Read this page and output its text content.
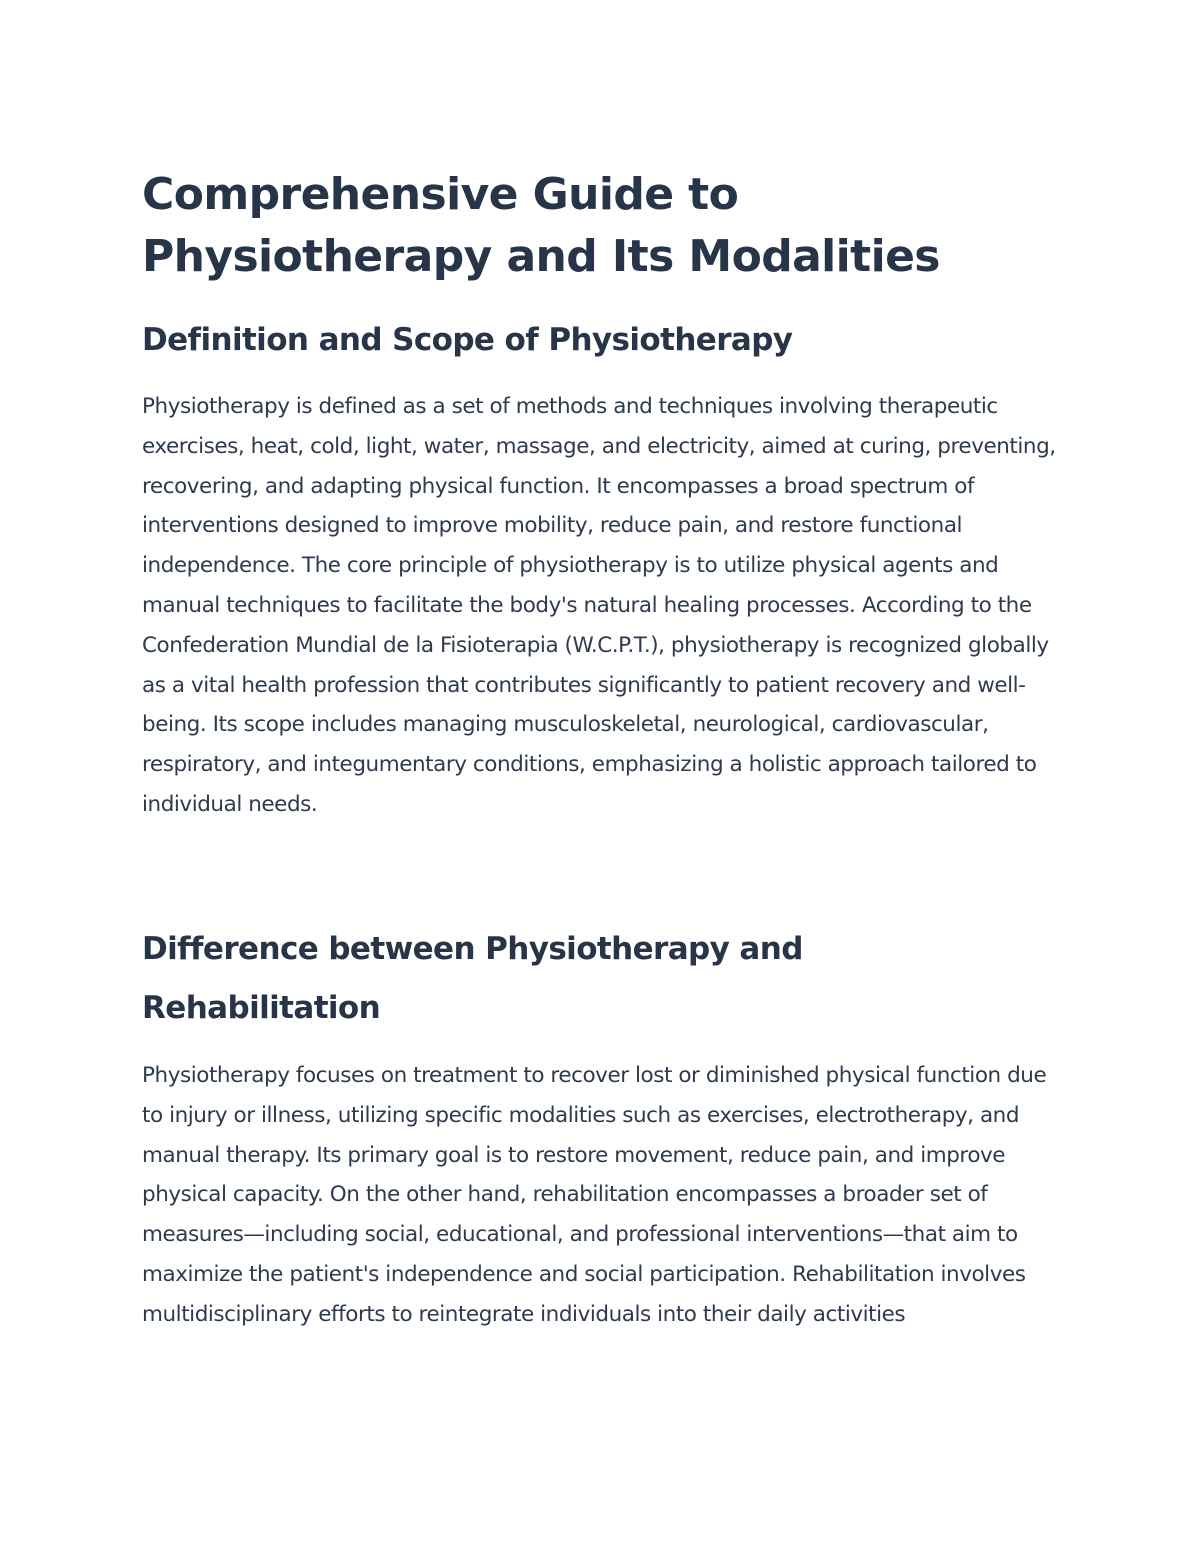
Comprehensive Guide to Physiotherapy and Its Modalities
Definition and Scope of Physiotherapy

Physiotherapy is defined as a set of methods and techniques involving therapeutic exercises, heat, cold, light, water, massage, and electricity, aimed at curing, preventing, recovering, and adapting physical function. It encompasses a broad spectrum of interventions designed to improve mobility, reduce pain, and restore functional independence. The core principle of physiotherapy is to utilize physical agents and manual techniques to facilitate the body's natural healing processes. According to the Confederation Mundial de la Fisioterapia (W.C.P.T.), physiotherapy is recognized globally as a vital health profession that contributes significantly to patient recovery and well-being. Its scope includes managing musculoskeletal, neurological, cardiovascular, respiratory, and integumentary conditions, emphasizing a holistic approach tailored to individual needs.

Difference between Physiotherapy and Rehabilitation

Physiotherapy focuses on treatment to recover lost or diminished physical function due to injury or illness, utilizing specific modalities such as exercises, electrotherapy, and manual therapy. Its primary goal is to restore movement, reduce pain, and improve physical capacity. On the other hand, rehabilitation encompasses a broader set of measures—including social, educational, and professional interventions—that aim to maximize the patient's independence and social participation. Rehabilitation involves multidisciplinary efforts to reintegrate individuals into their daily activities
